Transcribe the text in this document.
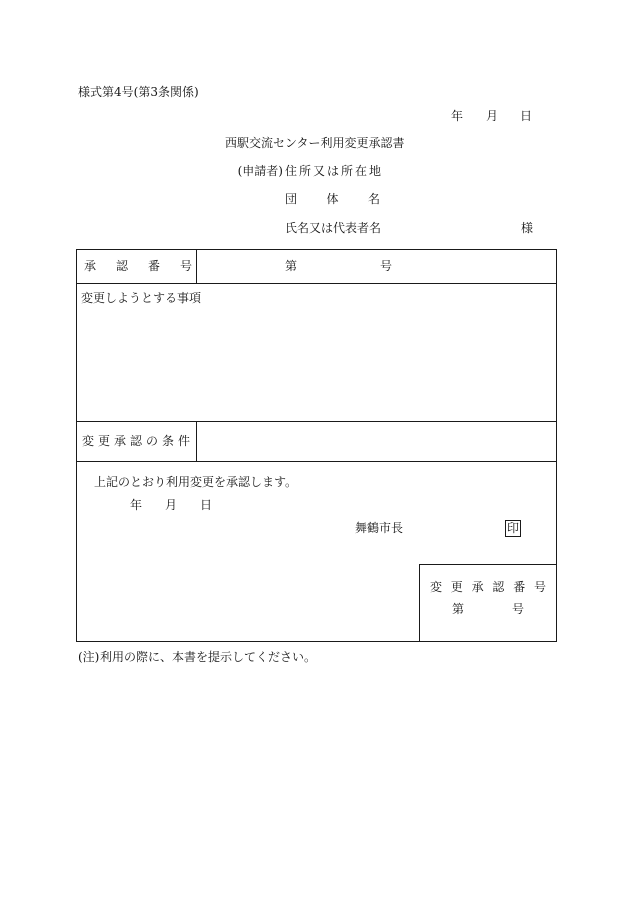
様式第4号(第3条関係)
年 月 日
西駅交流センター利用変更承認書
(申請者) 住所又は所在地
団体名
氏名又は代表者名	様
承認番号	第	号
変更しようとする事項
変更承認の条件
上記のとおり利用変更を承認します。
年 月 日
舞鶴市長	印
変更承認番号
第	号
(注) 利用の際に、本書を提示してください。
